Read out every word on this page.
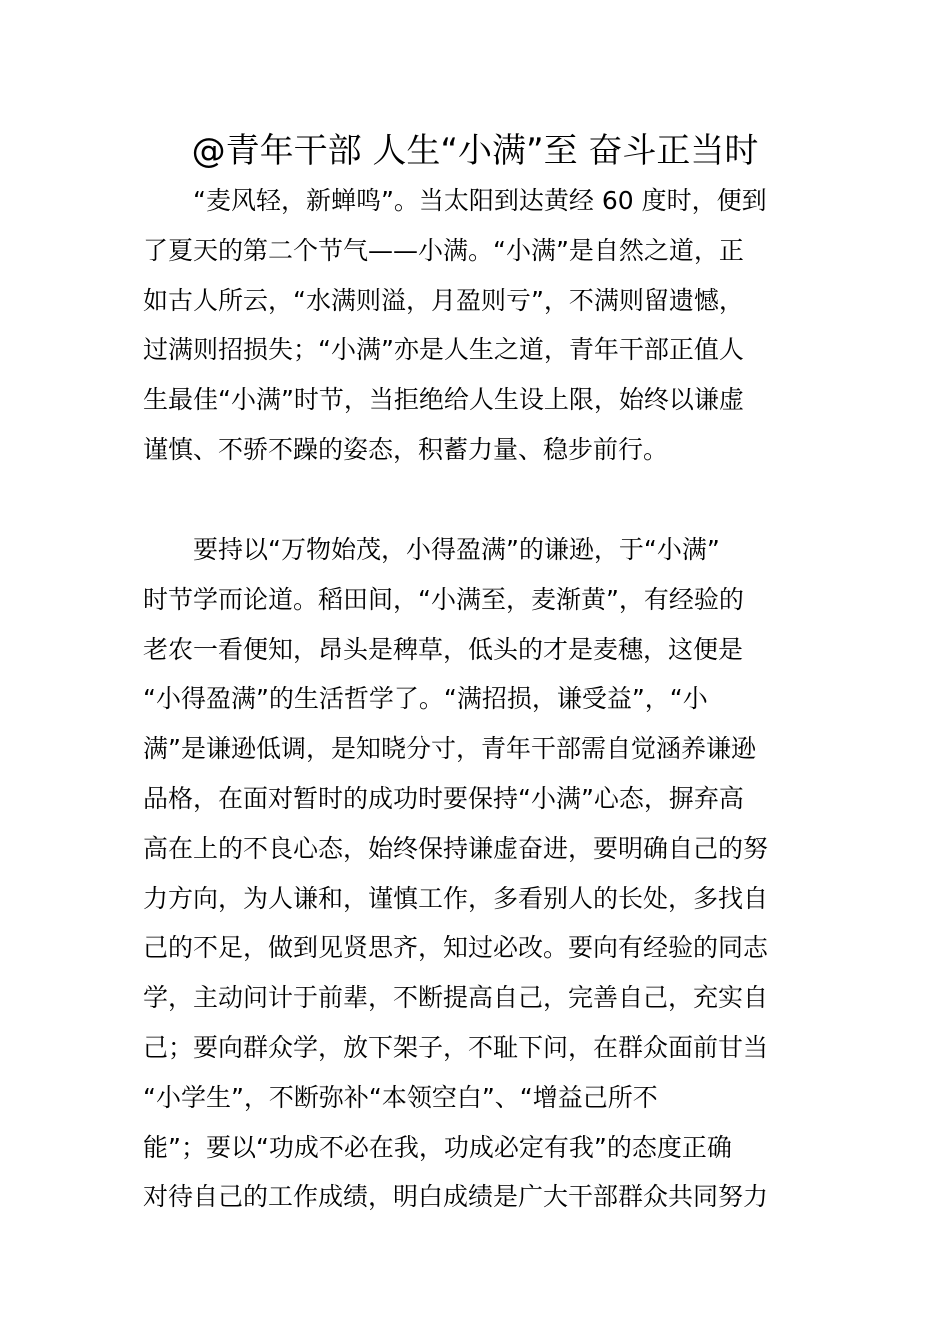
@青年干部 人生“小满”至 奋斗正当时
　　“麦风轻，新蝉鸣”。当太阳到达黄经 60 度时，便到
了夏天的第二个节气——小满。“小满”是自然之道，正
如古人所云，“水满则溢，月盈则亏”，不满则留遗憾，
过满则招损失；“小满”亦是人生之道，青年干部正值人
生最佳“小满”时节，当拒绝给人生设上限，始终以谦虚
谨慎、不骄不躁的姿态，积蓄力量、稳步前行。
　　要持以“万物始茂，小得盈满”的谦逊，于“小满”
时节学而论道。稻田间，“小满至，麦渐黄”，有经验的
老农一看便知，昂头是稗草，低头的才是麦穗，这便是
“小得盈满”的生活哲学了。“满招损，谦受益”，“小
满”是谦逊低调，是知晓分寸，青年干部需自觉涵养谦逊
品格，在面对暂时的成功时要保持“小满”心态，摒弃高
高在上的不良心态，始终保持谦虚奋进，要明确自己的努
力方向，为人谦和，谨慎工作，多看别人的长处，多找自
己的不足，做到见贤思齐，知过必改。要向有经验的同志
学，主动问计于前辈，不断提高自己，完善自己，充实自
己；要向群众学，放下架子，不耻下问，在群众面前甘当
“小学生”，不断弥补“本领空白”、“增益己所不
能”；要以“功成不必在我，功成必定有我”的态度正确
对待自己的工作成绩，明白成绩是广大干部群众共同努力
